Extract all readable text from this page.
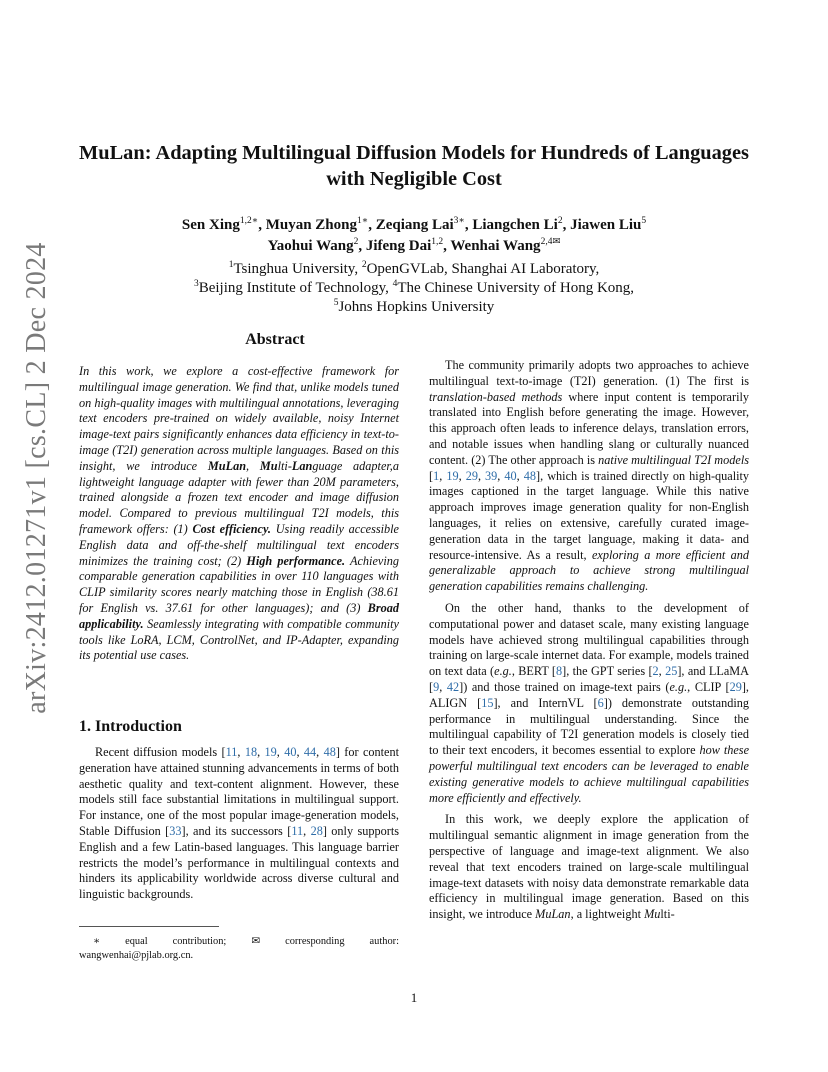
arXiv:2412.01271v1 [cs.CL] 2 Dec 2024
MuLan: Adapting Multilingual Diffusion Models for Hundreds of Languages
with Negligible Cost
Sen Xing$^{1,2∗}$, Muyan Zhong$^{1∗}$, Zeqiang Lai$^{3∗}$, Liangchen Li$^2$, Jiawen Liu$^5$
Yaohui Wang$^2$, Jifeng Dai$^{1,2}$, Wenhai Wang$^{2,4✉}$
$^1$Tsinghua University, $^2$OpenGVLab, Shanghai AI Laboratory,
$^3$Beijing Institute of Technology, $^4$The Chinese University of Hong Kong,
$^5$Johns Hopkins University
Abstract

In this work, we explore a cost-effective framework for multilingual image generation. We find that, unlike models tuned on high-quality images with multilingual annotations, leveraging text encoders pre-trained on widely available, noisy Internet image-text pairs significantly enhances data efficiency in text-to-image (T2I) generation across multiple languages. Based on this insight, we introduce MuLan, Multi-Language adapter,a lightweight language adapter with fewer than 20M parameters, trained alongside a frozen text encoder and image diffusion model. Compared to previous multilingual T2I models, this framework offers: (1) Cost efficiency. Using readily accessible English data and off-the-shelf multilingual text encoders minimizes the training cost; (2) High performance. Achieving comparable generation capabilities in over 110 languages with CLIP similarity scores nearly matching those in English (38.61 for English vs. 37.61 for other languages); and (3) Broad applicability. Seamlessly integrating with compatible community tools like LoRA, LCM, ControlNet, and IP-Adapter, expanding its potential use cases.

1. Introduction

Recent diffusion models [11, 18, 19, 40, 44, 48] for content generation have attained stunning advancements in terms of both aesthetic quality and text-content alignment. However, these models still face substantial limitations in multilingual support. For instance, one of the most popular image-generation models, Stable Diffusion [33], and its successors [11, 28] only supports English and a few Latin-based languages. This language barrier restricts the model’s performance in multilingual contexts and hinders its applicability worldwide across diverse cultural and linguistic backgrounds.

∗ equal contribution; ✉ corresponding author: wangwenhai@pjlab.org.cn.

The community primarily adopts two approaches to achieve multilingual text-to-image (T2I) generation. (1) The first is translation-based methods where input content is temporarily translated into English before generating the image. However, this approach often leads to inference delays, translation errors, and notable issues when handling slang or culturally nuanced content. (2) The other approach is native multilingual T2I models [1, 19, 29, 39, 40, 48], which is trained directly on high-quality images captioned in the target language. While this native approach improves image generation quality for non-English languages, it relies on extensive, carefully curated image-generation data in the target language, making it data- and resource-intensive. As a result, exploring a more efficient and generalizable approach to achieve strong multilingual generation capabilities remains challenging.

On the other hand, thanks to the development of computational power and dataset scale, many existing language models have achieved strong multilingual capabilities through training on large-scale internet data. For example, models trained on text data (e.g., BERT [8], the GPT series [2, 25], and LLaMA [9, 42]) and those trained on image-text pairs (e.g., CLIP [29], ALIGN [15], and InternVL [6]) demonstrate outstanding performance in multilingual understanding. Since the multilingual capability of T2I generation models is closely tied to their text encoders, it becomes essential to explore how these powerful multilingual text encoders can be leveraged to enable existing generative models to achieve multilingual capabilities more efficiently and effectively.

In this work, we deeply explore the application of multilingual semantic alignment in image generation from the perspective of language and image-text alignment. We also reveal that text encoders trained on large-scale multilingual image-text datasets with noisy data demonstrate remarkable data efficiency in multilingual image generation. Based on this insight, we introduce MuLan, a lightweight Multi-

1
